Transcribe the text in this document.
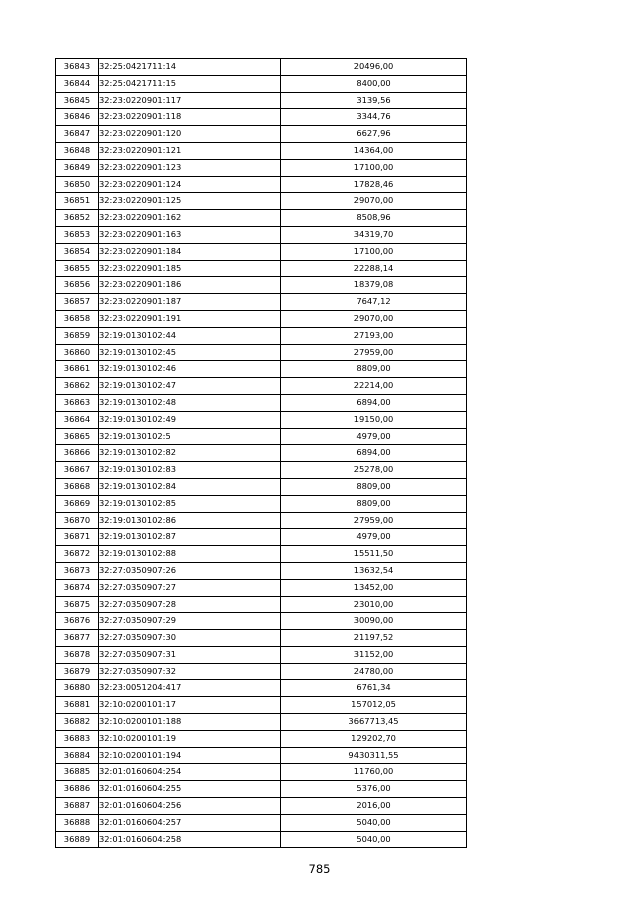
36843	32:25:0421711:14	20496,00
36844	32:25:0421711:15	8400,00
36845	32:23:0220901:117	3139,56
36846	32:23:0220901:118	3344,76
36847	32:23:0220901:120	6627,96
36848	32:23:0220901:121	14364,00
36849	32:23:0220901:123	17100,00
36850	32:23:0220901:124	17828,46
36851	32:23:0220901:125	29070,00
36852	32:23:0220901:162	8508,96
36853	32:23:0220901:163	34319,70
36854	32:23:0220901:184	17100,00
36855	32:23:0220901:185	22288,14
36856	32:23:0220901:186	18379,08
36857	32:23:0220901:187	7647,12
36858	32:23:0220901:191	29070,00
36859	32:19:0130102:44	27193,00
36860	32:19:0130102:45	27959,00
36861	32:19:0130102:46	8809,00
36862	32:19:0130102:47	22214,00
36863	32:19:0130102:48	6894,00
36864	32:19:0130102:49	19150,00
36865	32:19:0130102:5	4979,00
36866	32:19:0130102:82	6894,00
36867	32:19:0130102:83	25278,00
36868	32:19:0130102:84	8809,00
36869	32:19:0130102:85	8809,00
36870	32:19:0130102:86	27959,00
36871	32:19:0130102:87	4979,00
36872	32:19:0130102:88	15511,50
36873	32:27:0350907:26	13632,54
36874	32:27:0350907:27	13452,00
36875	32:27:0350907:28	23010,00
36876	32:27:0350907:29	30090,00
36877	32:27:0350907:30	21197,52
36878	32:27:0350907:31	31152,00
36879	32:27:0350907:32	24780,00
36880	32:23:0051204:417	6761,34
36881	32:10:0200101:17	157012,05
36882	32:10:0200101:188	3667713,45
36883	32:10:0200101:19	129202,70
36884	32:10:0200101:194	9430311,55
36885	32:01:0160604:254	11760,00
36886	32:01:0160604:255	5376,00
36887	32:01:0160604:256	2016,00
36888	32:01:0160604:257	5040,00
36889	32:01:0160604:258	5040,00
785
